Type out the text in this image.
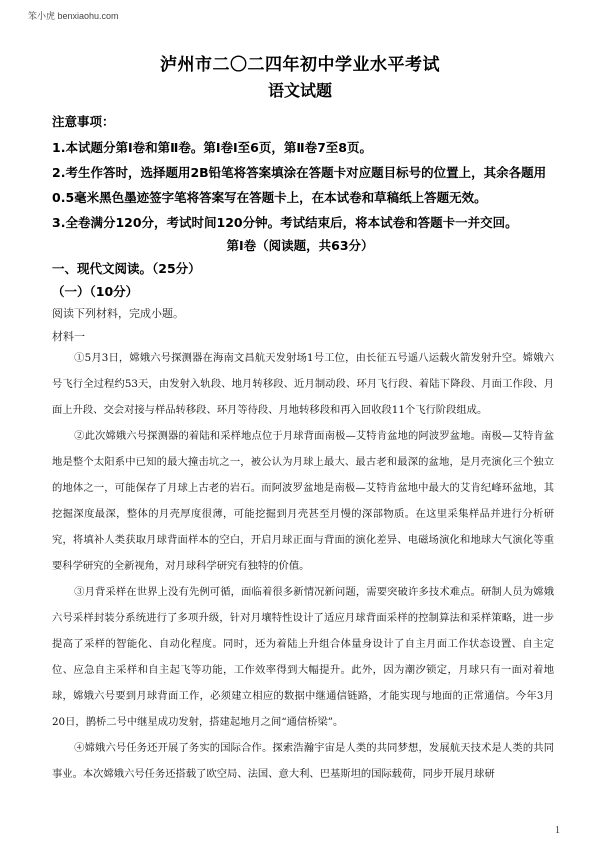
笨小虎 benxiaohu.com
泸州市二〇二四年初中学业水平考试
语文试题
注意事项：
1.本试题分第Ⅰ卷和第Ⅱ卷。第Ⅰ卷Ⅰ至6页，第Ⅱ卷7至8页。
2.考生作答时，选择题用2B铅笔将答案填涂在答题卡对应题目标号的位置上，其余各题用
0.5毫米黑色墨迹签字笔将答案写在答题卡上，在本试卷和草稿纸上答题无效。
3.全卷满分120分，考试时间120分钟。考试结束后，将本试卷和答题卡一并交回。
第Ⅰ卷（阅读题，共63分）
一、现代文阅读。（25分）
（一）（10分）
阅读下列材料，完成小题。
材料一

①5月3日，嫦娥六号探测器在海南文昌航天发射场1号工位，由长征五号遥八运载火箭发射升空。嫦娥六号飞行全过程约53天，由发射入轨段、地月转移段、近月制动段、环月飞行段、着陆下降段、月面工作段、月面上升段、交会对接与样品转移段、环月等待段、月地转移段和再入回收段11个飞行阶段组成。

②此次嫦娥六号探测器的着陆和采样地点位于月球背面南极—艾特肯盆地的阿波罗盆地。南极—艾特肯盆地是整个太阳系中已知的最大撞击坑之一，被公认为月球上最大、最古老和最深的盆地，是月壳演化三个独立的地体之一，可能保存了月球上古老的岩石。而阿波罗盆地是南极—艾特肯盆地中最大的艾肯纪峰环盆地，其挖掘深度最深，整体的月壳厚度很薄，可能挖掘到月壳甚至月慢的深部物质。在这里采集样品并进行分析研究，将填补人类获取月球背面样本的空白，开启月球正面与背面的演化差异、电磁场演化和地球大气演化等重要科学研究的全新视角，对月球科学研究有独特的价值。

③月背采样在世界上没有先例可循，面临着很多新情况新问题，需要突破许多技术难点。研制人员为嫦娥六号采样封装分系统进行了多项升级，针对月壤特性设计了适应月球背面采样的控制算法和采样策略，进一步提高了采样的智能化、自动化程度。同时，还为着陆上升组合体量身设计了自主月面工作状态设置、自主定位、应急自主采样和自主起飞等功能，工作效率得到大幅提升。此外，因为潮汐锁定，月球只有一面对着地球，嫦娥六号要到月球背面工作，必须建立相应的数据中继通信链路，才能实现与地面的正常通信。今年3月20日，鹊桥二号中继星成功发射，搭建起地月之间“通信桥梁”。

④嫦娥六号任务还开展了务实的国际合作。探索浩瀚宇宙是人类的共同梦想，发展航天技术是人类的共同事业。本次嫦娥六号任务还搭载了欧空局、法国、意大利、巴基斯坦的国际载荷，同步开展月球研

1
